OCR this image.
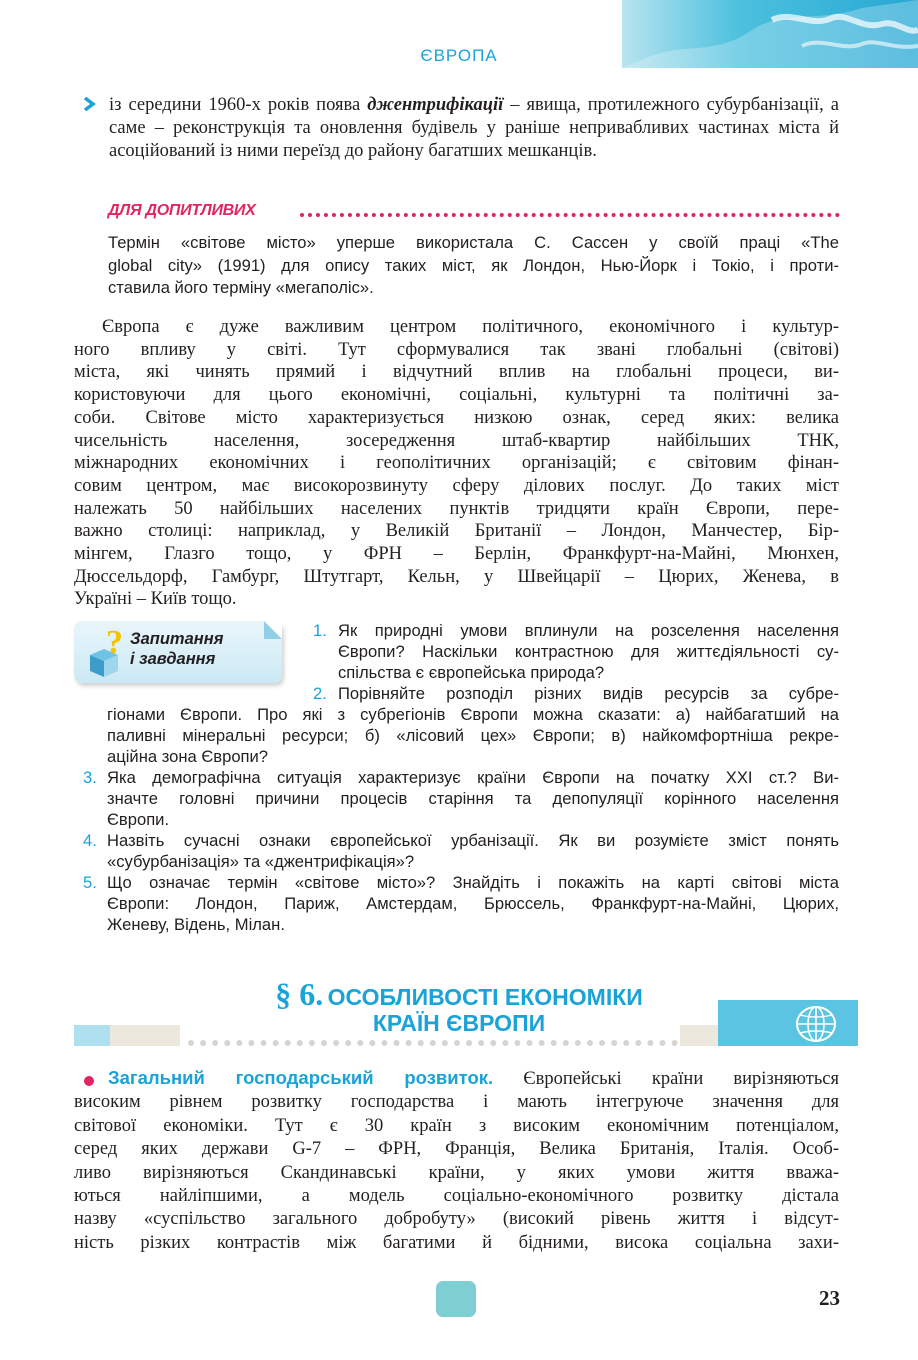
ЄВРОПА
із середини 1960-х років поява джентрифікації – явища, протилежного субурбанізації, а саме – реконструкція та оновлення будівель у раніше непривабливих частинах міста й асоційований із ними переїзд до району багатших мешканців.
ДЛЯ ДОПИТЛИВИХ
Термін «світове місто» уперше використала С. Сассен у своїй праці «The
global city» (1991) для опису таких міст, як Лондон, Нью-Йорк і Токіо, і проти-
ставила його терміну «мегаполіс».
Європа є дуже важливим центром політичного, економічного і культур-
ного впливу у світі. Тут сформувалися так звані глобальні (світові)
міста, які чинять прямий і відчутний вплив на глобальні процеси, ви-
користовуючи для цього економічні, соціальні, культурні та політичні за-
соби. Світове місто характеризується низкою ознак, серед яких: велика
чисельність населення, зосередження штаб-квартир найбільших ТНК,
міжнародних економічних і геополітичних організацій; є світовим фінан-
совим центром, має високорозвинуту сферу ділових послуг. До таких міст
належать 50 найбільших населених пунктів тридцяти країн Європи, пере-
важно столиці: наприклад, у Великій Британії – Лондон, Манчестер, Бір-
мінгем, Глазго тощо, у ФРН – Берлін, Франкфурт-на-Майні, Мюнхен,
Дюссельдорф, Гамбург, Штутгарт, Кельн, у Швейцарії – Цюрих, Женева, в
Україні – Київ тощо.
? Запитання
і завдання
1. Як природні умови вплинули на розселення населення
Європи? Наскільки контрастною для життєдіяльності су-
спільства є європейська природа?
2. Порівняйте розподіл різних видів ресурсів за субре-
гіонами Європи. Про які з субрегіонів Європи можна сказати: а) найбагатший на
паливні мінеральні ресурси; б) «лісовий цех» Європи; в) найкомфортніша рекре-
аційна зона Європи?
3. Яка демографічна ситуація характеризує країни Європи на початку XXI ст.? Ви-
значте головні причини процесів старіння та депопуляції корінного населення
Європи.
4. Назвіть сучасні ознаки європейської урбанізації. Як ви розумієте зміст понять
«субурбанізація» та «джентрифікація»?
5. Що означає термін «світове місто»? Знайдіть і покажіть на карті світові міста
Європи: Лондон, Париж, Амстердам, Брюссель, Франкфурт-на-Майні, Цюрих,
Женеву, Відень, Мілан.
§ 6. ОСОБЛИВОСТІ ЕКОНОМІКИ
КРАЇН ЄВРОПИ
Загальний господарський розвиток. Європейські країни вирізняються
високим рівнем розвитку господарства і мають інтегруюче значення для
світової економіки. Тут є 30 країн з високим економічним потенціалом,
серед яких держави G-7 – ФРН, Франція, Велика Британія, Італія. Особ-
ливо вирізняються Скандинавські країни, у яких умови життя вважа-
ються найліпшими, а модель соціально-економічного розвитку дістала
назву «суспільство загального добробуту» (високий рівень життя і відсут-
ність різких контрастів між багатими й бідними, висока соціальна захи-
23
